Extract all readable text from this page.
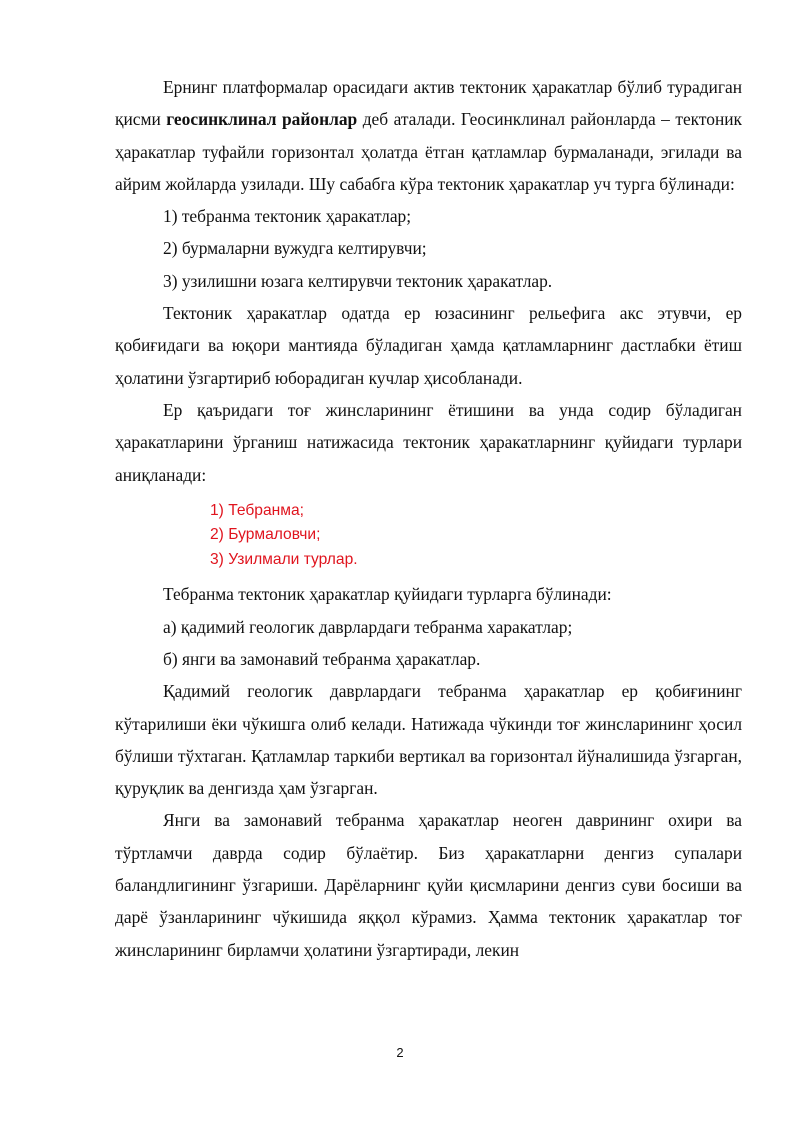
Ернинг платформалар орасидаги актив тектоник ҳаракатлар бўлиб турадиган қисми геосинклинал районлар деб аталади. Геосинклинал районларда – тектоник ҳаракатлар туфайли горизонтал ҳолатда ётган қатламлар бурмаланади, эгилади ва айрим жойларда узилади. Шу сабабга кўра тектоник ҳаракатлар уч турга бўлинади:

1) тебранма тектоник ҳаракатлар;
2) бурмаларни вужудга келтирувчи;
3) узилишни юзага келтирувчи тектоник ҳаракатлар.

Тектоник ҳаракатлар одатда ер юзасининг рельефига акс этувчи, ер қобиғидаги ва юқори мантияда бўладиган ҳамда қатламларнинг дастлабки ётиш ҳолатини ўзгартириб юборадиган кучлар ҳисобланади.

Ер қаъридаги тоғ жинсларининг ётишини ва унда содир бўладиган ҳаракатларини ўрганиш натижасида тектоник ҳаракатларнинг қуйидаги турлари аниқланади:

1) Тебранма;
2) Бурмаловчи;
3) Узилмали турлар.
Тебранма тектоник ҳаракатлар қуйидаги турларга бўлинади:
а) қадимий геологик даврлардаги тебранма харакатлар;
б) янги ва замонавий тебранма ҳаракатлар.

Қадимий геологик даврлардаги тебранма ҳаракатлар ер қобиғининг кўтарилиши ёки чўкишга олиб келади. Натижада чўкинди тоғ жинсларининг ҳосил бўлиши тўхтаган. Қатламлар таркиби вертикал ва горизонтал йўналишида ўзгарган, қуруқлик ва денгизда ҳам ўзгарган.

Янги ва замонавий тебранма ҳаракатлар неоген даврининг охири ва тўртламчи даврда содир бўлаётир. Биз ҳаракатларни денгиз супалари баландлигининг ўзгариши. Дарёларнинг қуйи қисмларини денгиз суви босиши ва дарё ўзанларининг чўкишида яққол кўрамиз. Ҳамма тектоник ҳаракатлар тоғ жинсларининг бирламчи ҳолатини ўзгартиради, лекин

2
